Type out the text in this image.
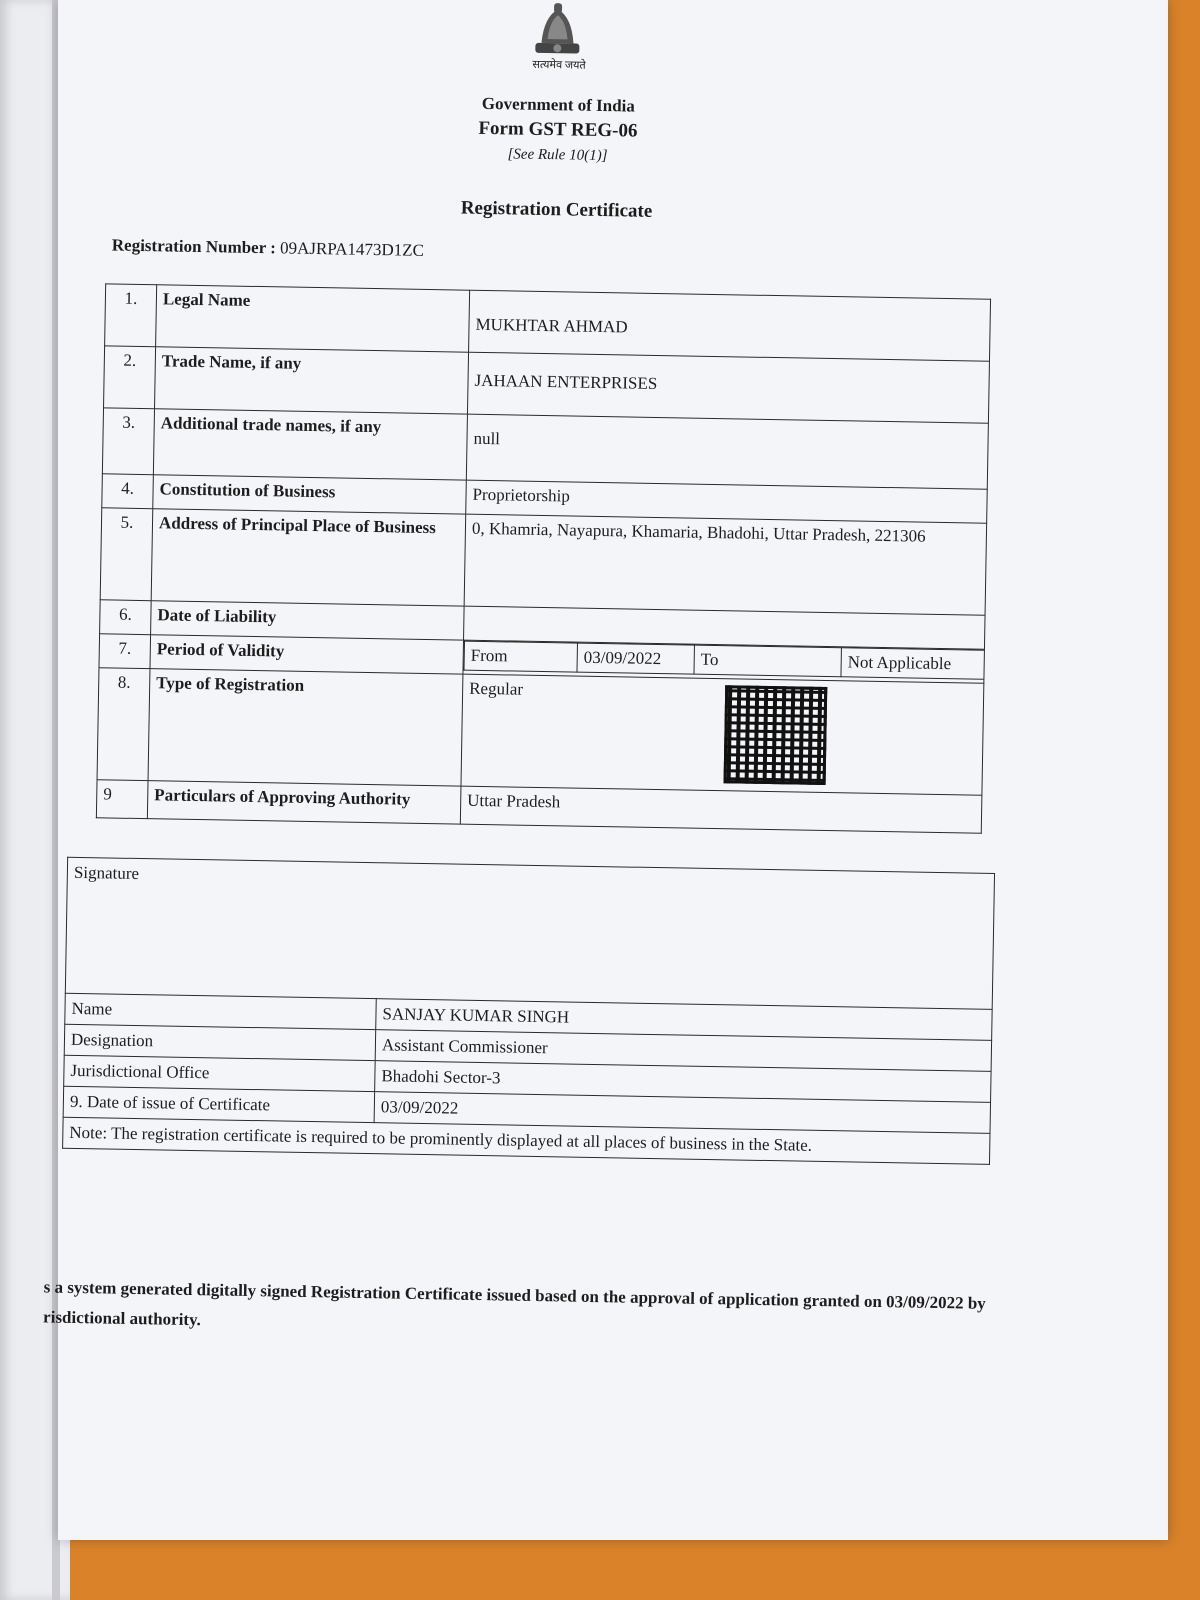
सत्यमेव जयते
Government of India
Form GST REG-06
[See Rule 10(1)]
Registration Certificate
Registration Number : 09AJRPA1473D1ZC
1.	Legal Name	MUKHTAR AHMAD
2.	Trade Name, if any	JAHAAN ENTERPRISES
3.	Additional trade names, if any	null
4.	Constitution of Business	Proprietorship
5.	Address of Principal Place of Business	0, Khamria, Nayapura, Khamaria, Bhadohi, Uttar Pradesh, 221306
6.	Date of Liability	
7.	Period of Validity		From	03/09/2022	To	Not Applicable

8.	Type of Registration	Regular

9	Particulars of Approving Authority	Uttar Pradesh
Signature	
Name	SANJAY KUMAR SINGH
Designation	Assistant Commissioner
Jurisdictional Office	Bhadohi Sector-3
9. Date of issue of Certificate	03/09/2022
Note: The registration certificate is required to be prominently displayed at all places of business in the State.	
s a system generated digitally signed Registration Certificate issued based on the approval of application granted on 03/09/2022 by risdictional authority.
